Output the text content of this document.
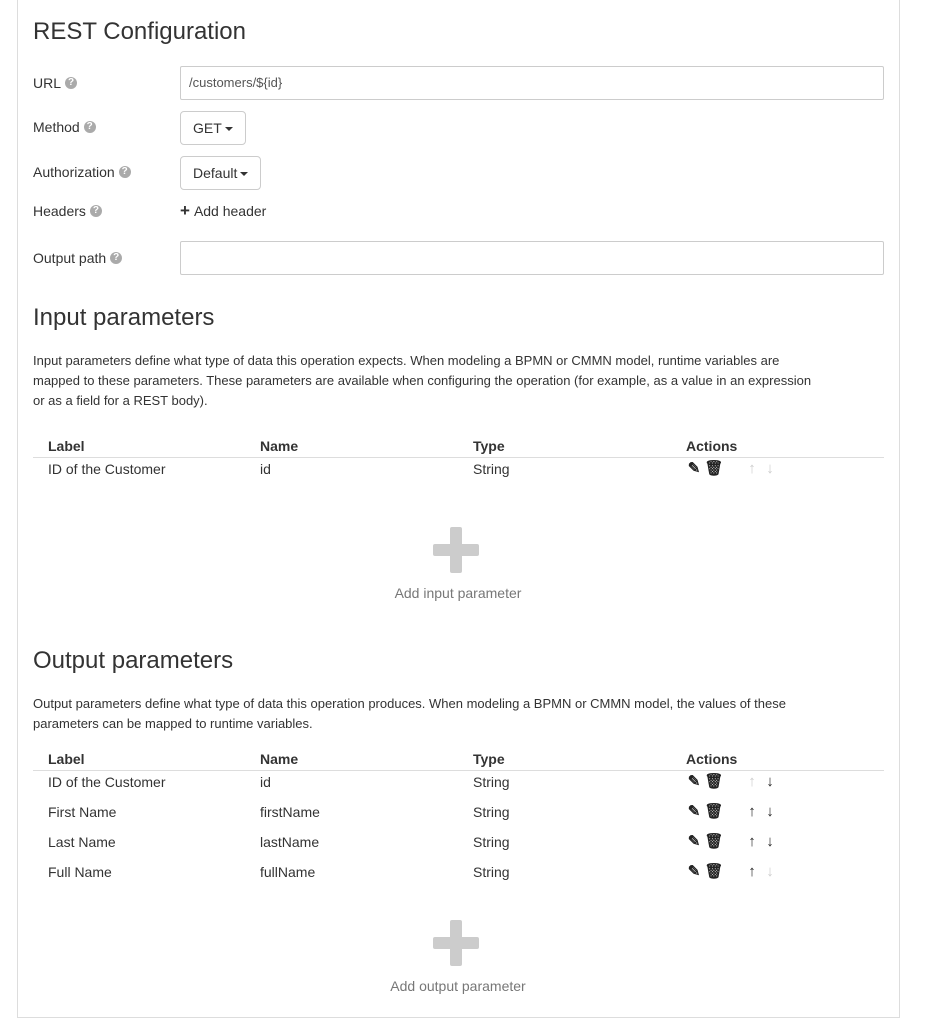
REST Configuration
URL ?	/customers/${id}
Method ?	GET
Authorization ?	Default
Headers ?	+ Add header
Output path ?
Input parameters
Input parameters define what type of data this operation expects. When modeling a BPMN or CMMN model, runtime variables are mapped to these parameters. These parameters are available when configuring the operation (for example, as a value in an expression or as a field for a REST body).
Label	Name	Type	Actions
ID of the Customer	id	String	✎ 🗑︎ ↑ ↓
Add input parameter
Output parameters
Output parameters define what type of data this operation produces. When modeling a BPMN or CMMN model, the values of these parameters can be mapped to runtime variables.
Label	Name	Type	Actions
ID of the Customer	id	String	✎ 🗑︎ ↑ ↓
First Name	firstName	String	✎ 🗑︎ ↑ ↓
Last Name	lastName	String	✎ 🗑︎ ↑ ↓
Full Name	fullName	String	✎ 🗑︎ ↑ ↓
Add output parameter
